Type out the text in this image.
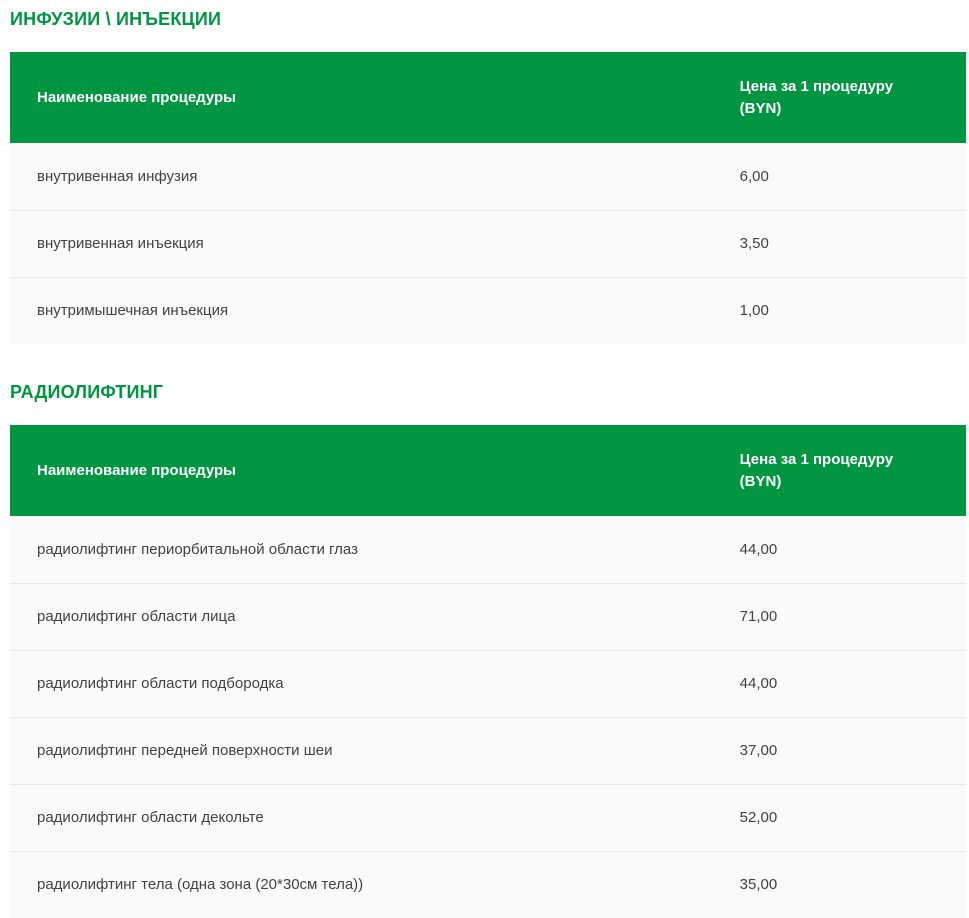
ИНФУЗИИ \ ИНЪЕКЦИИ
Наименование процедуры	Цена за 1 процедуру
(BYN)

внутривенная инфузия	6,00
внутривенная инъекция	3,50
внутримышечная инъекция	1,00
РАДИОЛИФТИНГ
Наименование процедуры	Цена за 1 процедуру
(BYN)

радиолифтинг периорбитальной области глаз	44,00
радиолифтинг области лица	71,00
радиолифтинг области подбородка	44,00
радиолифтинг передней поверхности шеи	37,00
радиолифтинг области декольте	52,00
радиолифтинг тела (одна зона (20*30см тела))	35,00
